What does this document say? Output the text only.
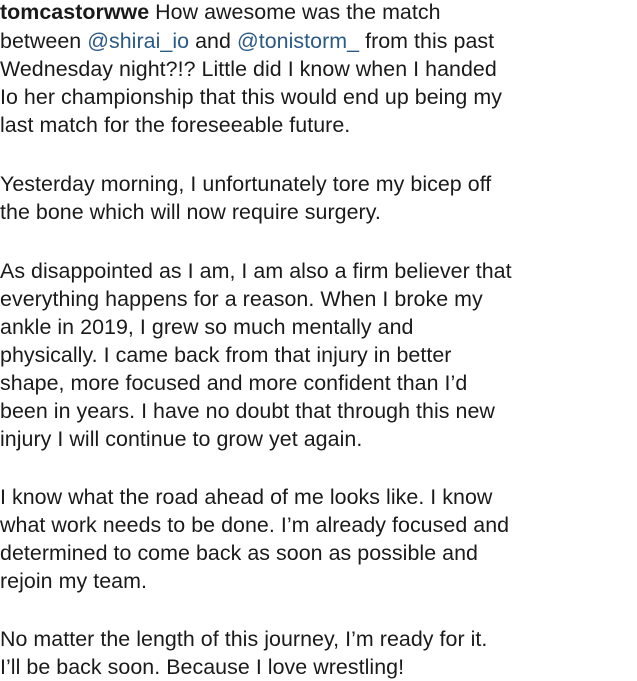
tomcastorwwe How awesome was the match
between @shirai_io and @tonistorm_ from this past
Wednesday night?!? Little did I know when I handed
Io her championship that this would end up being my
last match for the foreseeable future.
Yesterday morning, I unfortunately tore my bicep off
the bone which will now require surgery.
As disappointed as I am, I am also a firm believer that
everything happens for a reason. When I broke my
ankle in 2019, I grew so much mentally and
physically. I came back from that injury in better
shape, more focused and more confident than I’d
been in years. I have no doubt that through this new
injury I will continue to grow yet again.
I know what the road ahead of me looks like. I know
what work needs to be done. I’m already focused and
determined to come back as soon as possible and
rejoin my team.
No matter the length of this journey, I’m ready for it.
I’ll be back soon. Because I love wrestling!
